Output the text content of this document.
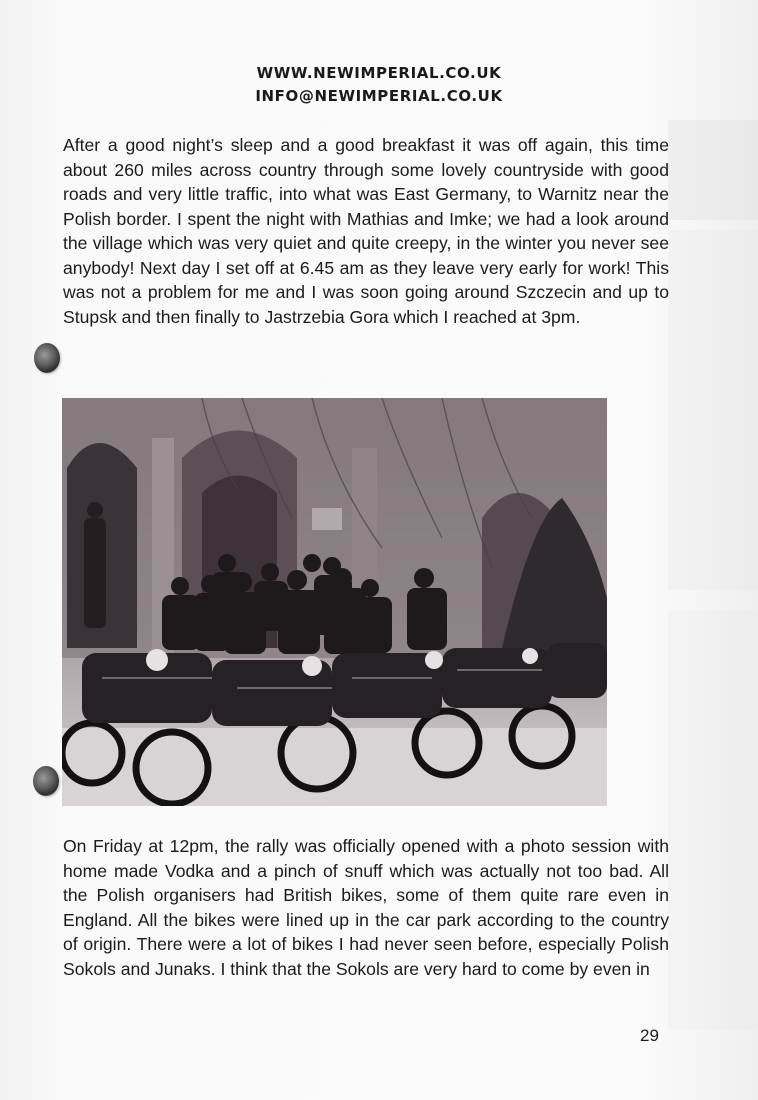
WWW.NEWIMPERIAL.CO.UK
INFO@NEWIMPERIAL.CO.UK
After a good night’s sleep and a good breakfast it was off again, this time about 260 miles across country through some lovely countryside with good roads and very little traffic, into what was East Germany, to Warnitz near the Polish border. I spent the night with Mathias and Imke; we had a look around the village which was very quiet and quite creepy, in the winter you never see anybody! Next day I set off at 6.45 am as they leave very early for work! This was not a problem for me and I was soon going around Szczecin and up to Stupsk and then finally to Jastrzebia Gora which I reached at 3pm.
On Friday at 12pm, the rally was officially opened with a photo session with home made Vodka and a pinch of snuff which was actually not too bad. All the Polish organisers had British bikes, some of them quite rare even in England. All the bikes were lined up in the car park according to the country of origin. There were a lot of bikes I had never seen before, especially Polish Sokols and Junaks. I think that the Sokols are very hard to come by even in
29
